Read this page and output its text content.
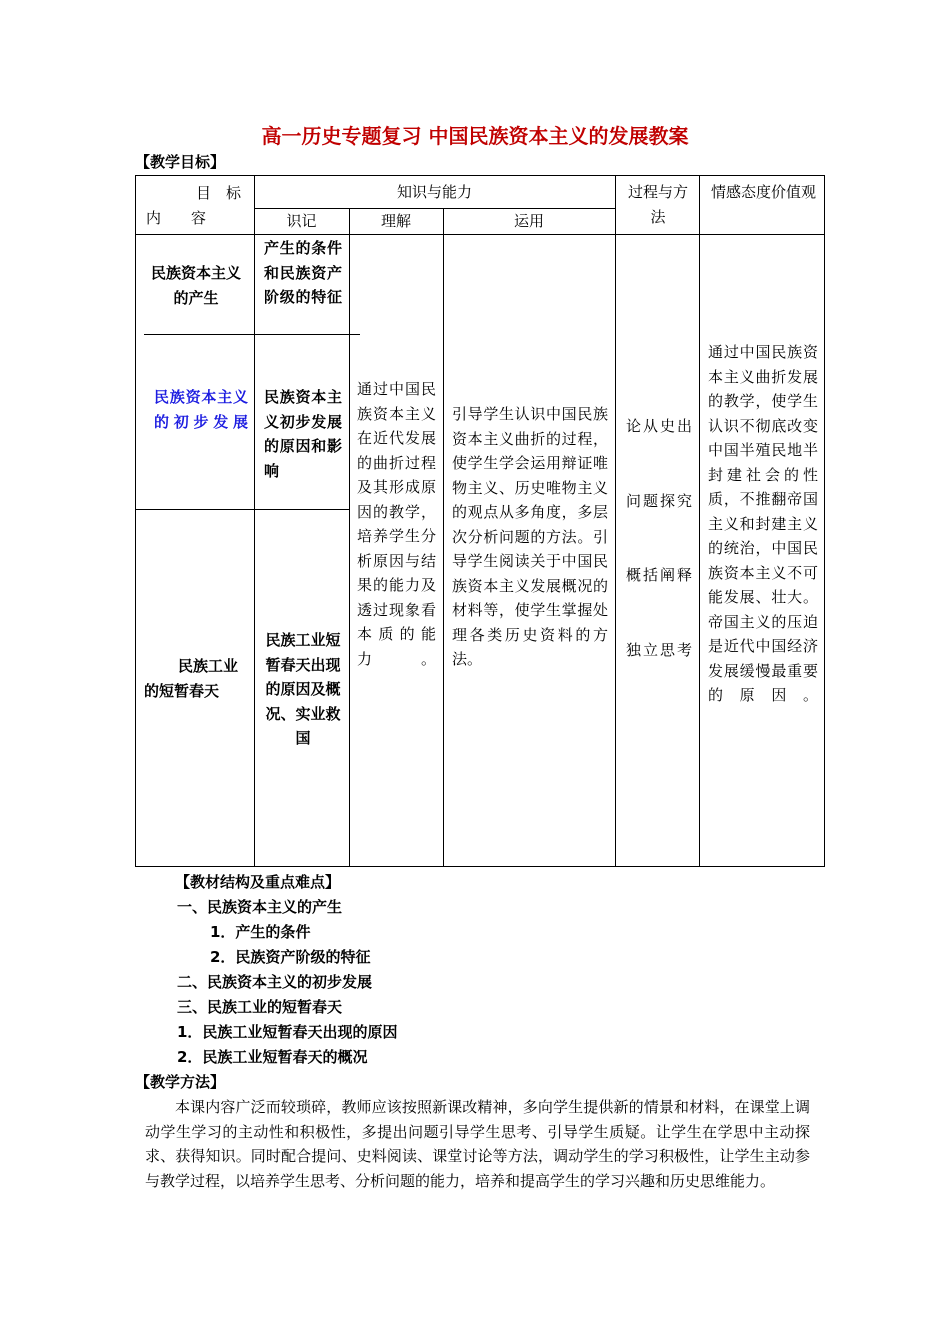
高一历史专题复习 中国民族资本主义的发展教案
【教学目标】
目　标
内　　容
知识与能力
识记	理解	运用
过程与方法
情感态度价值观
民族资本主义的产生
产生的条件和民族资产阶级的特征
民族资本主义的初步发展
民族资本主义初步发展的原因和影响
民族工业的短暂春天
民族工业短暂春天出现的原因及概况、实业救国
通过中国民族资本主义在近代发展的曲折过程及其形成原因的教学，培养学生分析原因与结果的能力及透过现象看本质的能力。
引导学生认识中国民族资本主义曲折的过程，使学生学会运用辩证唯物主义、历史唯物主义的观点从多角度，多层次分析问题的方法。引导学生阅读关于中国民族资本主义发展概况的材料等，使学生掌握处理各类历史资料的方法。
论从史出
问题探究
概括阐释
独立思考
通过中国民族资本主义曲折发展的教学，使学生认识不彻底改变中国半殖民地半封建社会的性质，不推翻帝国主义和封建主义的统治，中国民族资本主义不可能发展、壮大。帝国主义的压迫是近代中国经济发展缓慢最重要的原因。
【教材结构及重点难点】
一、民族资本主义的产生
1．产生的条件
2．民族资产阶级的特征
二、民族资本主义的初步发展
三、民族工业的短暂春天
1．民族工业短暂春天出现的原因
2．民族工业短暂春天的概况
【教学方法】
本课内容广泛而较琐碎，教师应该按照新课改精神，多向学生提供新的情景和材料，在课堂上调动学生学习的主动性和积极性，多提出问题引导学生思考、引导学生质疑。让学生在学思中主动探求、获得知识。同时配合提问、史料阅读、课堂讨论等方法，调动学生的学习积极性，让学生主动参与教学过程，以培养学生思考、分析问题的能力，培养和提高学生的学习兴趣和历史思维能力。
